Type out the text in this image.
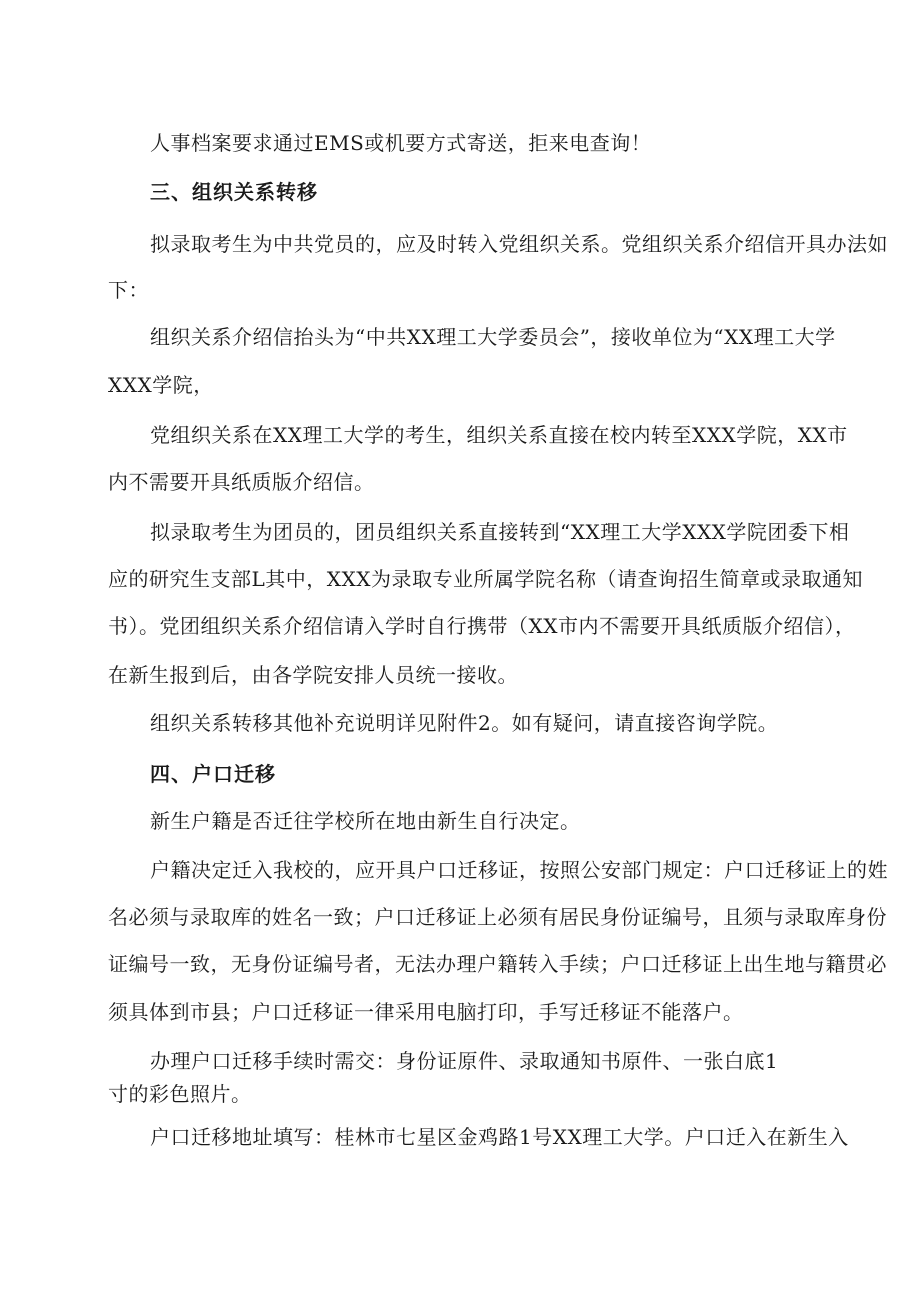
人事档案要求通过EMS或机要方式寄送，拒来电查询！
三、组织关系转移
拟录取考生为中共党员的，应及时转入党组织关系。党组织关系介绍信开具办法如
下：
组织关系介绍信抬头为“中共XX理工大学委员会”，接收单位为“XX理工大学
XXX学院，
党组织关系在XX理工大学的考生，组织关系直接在校内转至XXX学院，XX市
内不需要开具纸质版介绍信。
拟录取考生为团员的，团员组织关系直接转到“XX理工大学XXX学院团委下相
应的研究生支部L其中，XXX为录取专业所属学院名称（请查询招生简章或录取通知
书）。党团组织关系介绍信请入学时自行携带（XX市内不需要开具纸质版介绍信），
在新生报到后，由各学院安排人员统一接收。
组织关系转移其他补充说明详见附件2。如有疑问，请直接咨询学院。
四、户口迁移
新生户籍是否迁往学校所在地由新生自行决定。
户籍决定迁入我校的，应开具户口迁移证，按照公安部门规定：户口迁移证上的姓
名必须与录取库的姓名一致；户口迁移证上必须有居民身份证编号，且须与录取库身份
证编号一致，无身份证编号者，无法办理户籍转入手续；户口迁移证上出生地与籍贯必
须具体到市县；户口迁移证一律采用电脑打印，手写迁移证不能落户。
办理户口迁移手续时需交：身份证原件、录取通知书原件、一张白底1
寸的彩色照片。
户口迁移地址填写：桂林市七星区金鸡路1号XX理工大学。户口迁入在新生入
